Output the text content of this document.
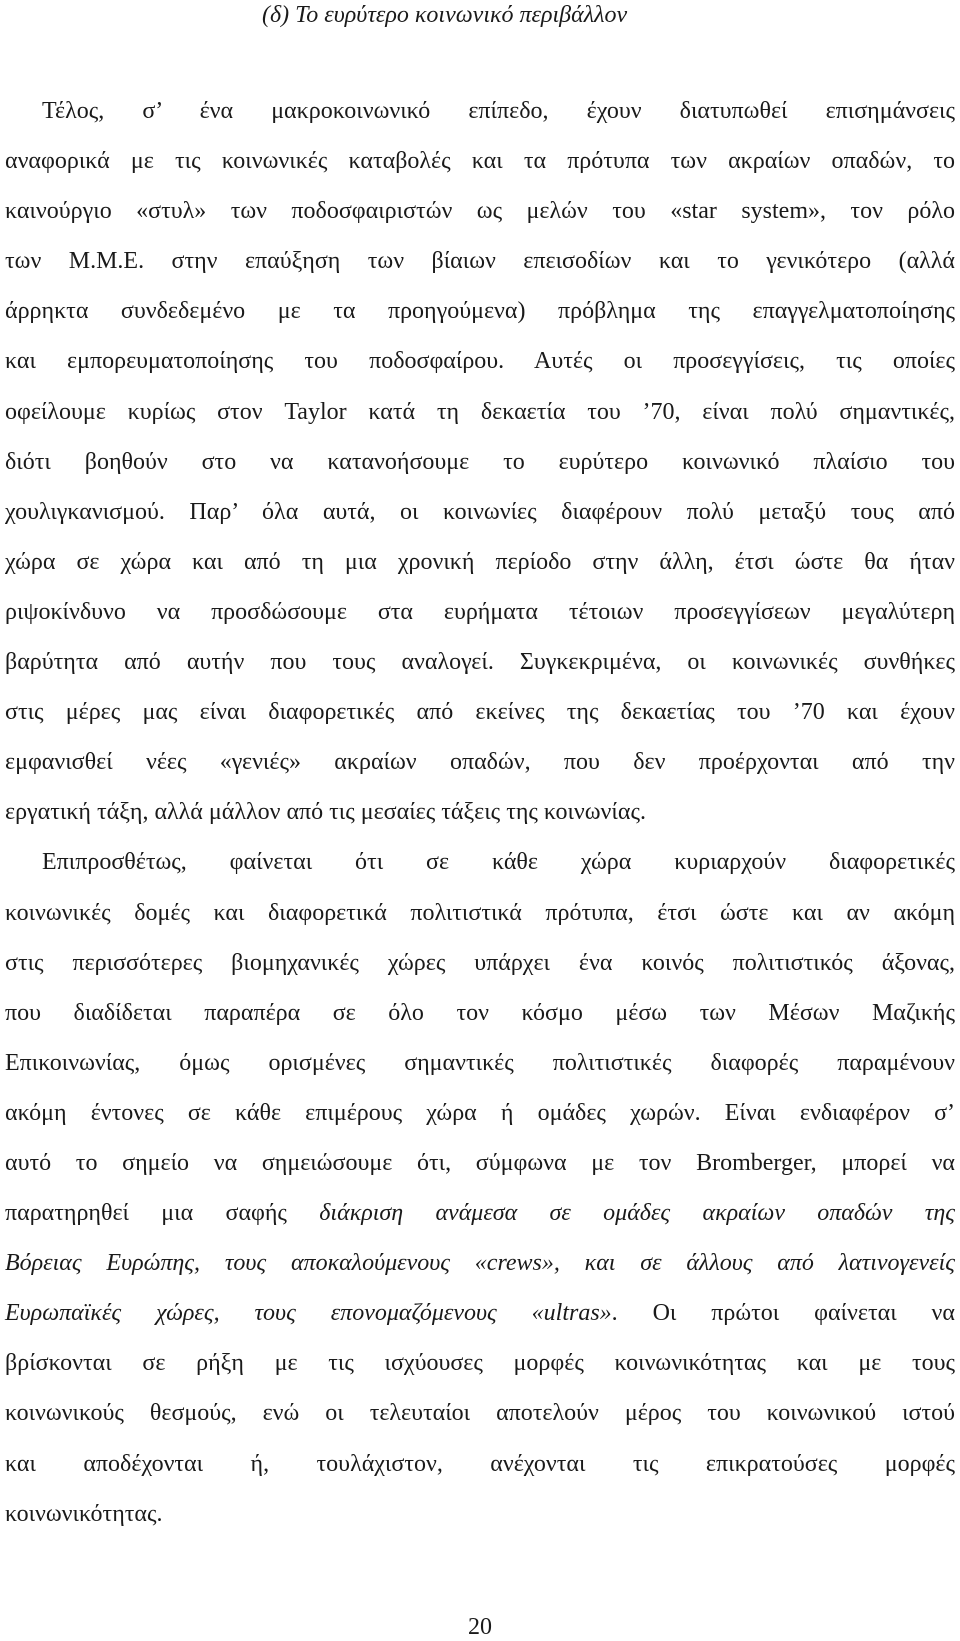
(δ) Το ευρύτερο κοινωνικό περιβάλλον
Τέλος, σ’ ένα μακροκοινωνικό επίπεδο, έχουν διατυπωθεί επισημάνσεις
αναφορικά με τις κοινωνικές καταβολές και τα πρότυπα των ακραίων οπαδών, το
καινούργιο «στυλ» των ποδοσφαιριστών ως μελών του «star system», τον ρόλο
των Μ.Μ.Ε. στην επαύξηση των βίαιων επεισοδίων και το γενικότερο (αλλά
άρρηκτα συνδεδεμένο με τα προηγούμενα) πρόβλημα της επαγγελματοποίησης
και εμπορευματοποίησης του ποδοσφαίρου. Αυτές οι προσεγγίσεις, τις οποίες
οφείλουμε κυρίως στον Taylor κατά τη δεκαετία του ’70, είναι πολύ σημαντικές,
διότι βοηθούν στο να κατανοήσουμε το ευρύτερο κοινωνικό πλαίσιο του
χουλιγκανισμού. Παρ’ όλα αυτά, οι κοινωνίες διαφέρουν πολύ μεταξύ τους από
χώρα σε χώρα και από τη μια χρονική περίοδο στην άλλη, έτσι ώστε θα ήταν
ριψοκίνδυνο να προσδώσουμε στα ευρήματα τέτοιων προσεγγίσεων μεγαλύτερη
βαρύτητα από αυτήν που τους αναλογεί. Συγκεκριμένα, οι κοινωνικές συνθήκες
στις μέρες μας είναι διαφορετικές από εκείνες της δεκαετίας του ’70 και έχουν
εμφανισθεί νέες «γενιές» ακραίων οπαδών, που δεν προέρχονται από την
εργατική τάξη, αλλά μάλλον από τις μεσαίες τάξεις της κοινωνίας.
Επιπροσθέτως, φαίνεται ότι σε κάθε χώρα κυριαρχούν διαφορετικές
κοινωνικές δομές και διαφορετικά πολιτιστικά πρότυπα, έτσι ώστε και αν ακόμη
στις περισσότερες βιομηχανικές χώρες υπάρχει ένα κοινός πολιτιστικός άξονας,
που διαδίδεται παραπέρα σε όλο τον κόσμο μέσω των Μέσων Μαζικής
Επικοινωνίας, όμως ορισμένες σημαντικές πολιτιστικές διαφορές παραμένουν
ακόμη έντονες σε κάθε επιμέρους χώρα ή ομάδες χωρών. Είναι ενδιαφέρον σ’
αυτό το σημείο να σημειώσουμε ότι, σύμφωνα με τον Bromberger, μπορεί να
παρατηρηθεί μια σαφής διάκριση ανάμεσα σε ομάδες ακραίων οπαδών της
Βόρειας Ευρώπης, τους αποκαλούμενους «crews», και σε άλλους από λατινογενείς
Ευρωπαϊκές χώρες, τους επονομαζόμενους «ultras». Οι πρώτοι φαίνεται να
βρίσκονται σε ρήξη με τις ισχύουσες μορφές κοινωνικότητας και με τους
κοινωνικούς θεσμούς, ενώ οι τελευταίοι αποτελούν μέρος του κοινωνικού ιστού
και αποδέχονται ή, τουλάχιστον, ανέχονται τις επικρατούσες μορφές
κοινωνικότητας.
20
